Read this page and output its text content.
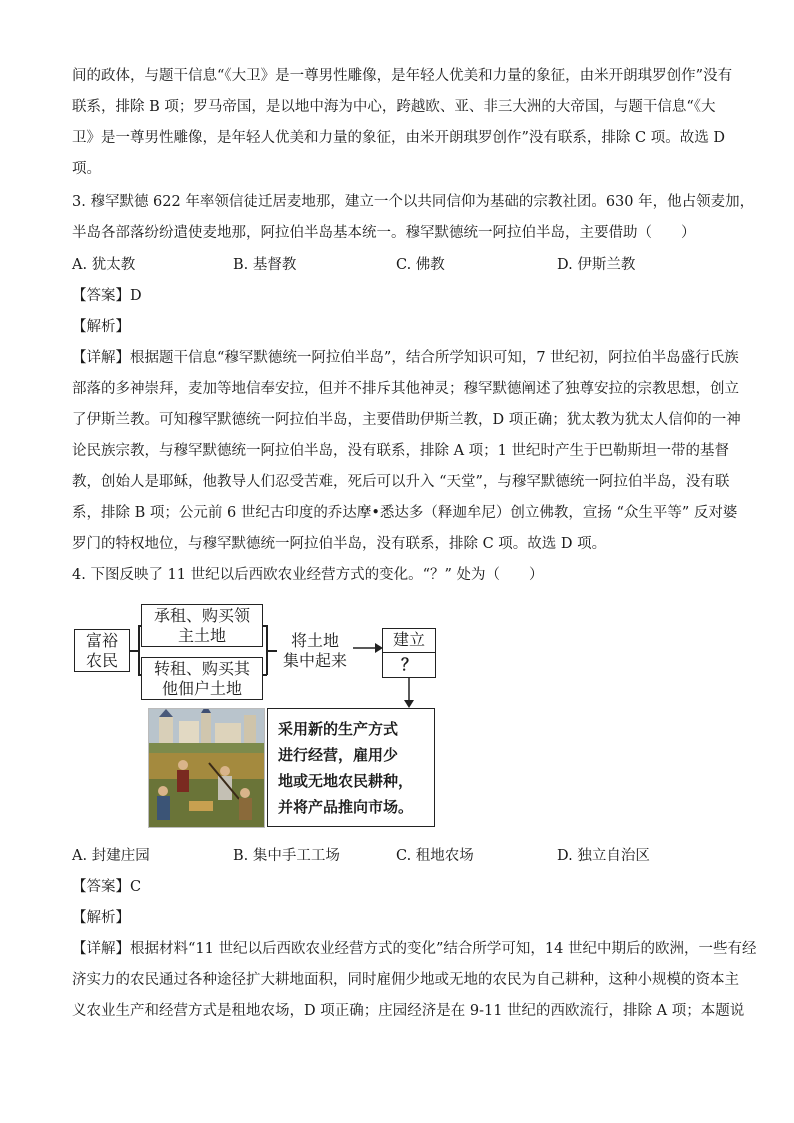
间的政体，与题干信息“《大卫》是一尊男性雕像，是年轻人优美和力量的象征，由米开朗琪罗创作”没有
联系，排除 B 项；罗马帝国，是以地中海为中心，跨越欧、亚、非三大洲的大帝国，与题干信息“《大
卫》是一尊男性雕像，是年轻人优美和力量的象征，由米开朗琪罗创作”没有联系，排除 C 项。故选 D
项。
3. 穆罕默德 622 年率领信徒迁居麦地那，建立一个以共同信仰为基础的宗教社团。630 年，他占领麦加，
半岛各部落纷纷遣使麦地那，阿拉伯半岛基本统一。穆罕默德统一阿拉伯半岛，主要借助（　　）
A. 犹太教	B. 基督教	C. 佛教	D. 伊斯兰教
【答案】D
【解析】
【详解】根据题干信息“穆罕默德统一阿拉伯半岛”，结合所学知识可知，7 世纪初，阿拉伯半岛盛行氏族
部落的多神崇拜，麦加等地信奉安拉，但并不排斥其他神灵；穆罕默德阐述了独尊安拉的宗教思想，创立
了伊斯兰教。可知穆罕默德统一阿拉伯半岛，主要借助伊斯兰教，D 项正确；犹太教为犹太人信仰的一神
论民族宗教，与穆罕默德统一阿拉伯半岛，没有联系，排除 A 项；1 世纪时产生于巴勒斯坦一带的基督
教，创始人是耶稣，他教导人们忍受苦难，死后可以升入 “天堂”，与穆罕默德统一阿拉伯半岛，没有联
系，排除 B 项；公元前 6 世纪古印度的乔达摩•悉达多（释迦牟尼）创立佛教，宣扬 “众生平等” 反对婆
罗门的特权地位，与穆罕默德统一阿拉伯半岛，没有联系，排除 C 项。故选 D 项。
4. 下图反映了 11 世纪以后西欧农业经营方式的变化。“？” 处为（　　）
富裕
农民
承租、购买领
主土地
转租、购买其
他佃户土地
将土地
集中起来
建立
？
采用新的生产方式
进行经营，雇用少
地或无地农民耕种，
并将产品推向市场。
A. 封建庄园	B. 集中手工工场	C. 租地农场	D. 独立自治区
【答案】C
【解析】
【详解】根据材料“11 世纪以后西欧农业经营方式的变化”结合所学可知，14 世纪中期后的欧洲，一些有经
济实力的农民通过各种途径扩大耕地面积，同时雇佣少地或无地的农民为自己耕种，这种小规模的资本主
义农业生产和经营方式是租地农场，D 项正确；庄园经济是在 9-11 世纪的西欧流行，排除 A 项；本题说
